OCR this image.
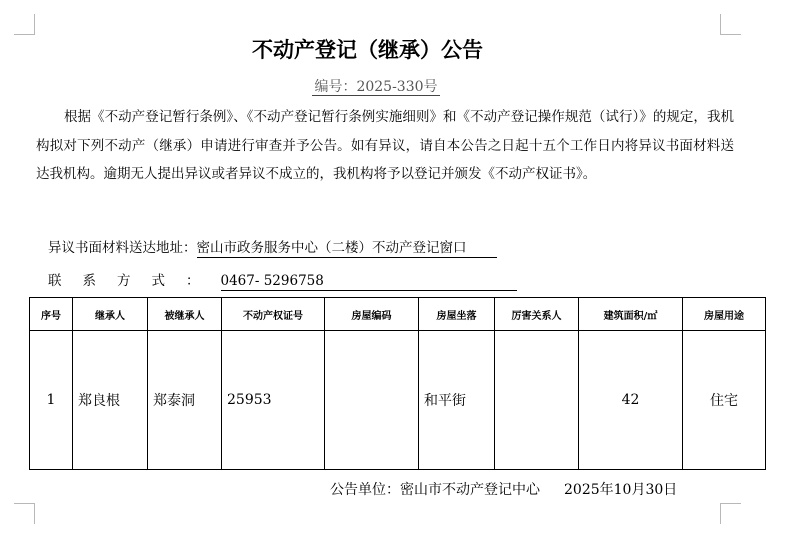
不动产登记（继承）公告
编号：2025-330号

根据《不动产登记暂行条例》、《不动产登记暂行条例实施细则》和《不动产登记操作规范（试行）》的规定，我机构拟对下列不动产（继承）申请进行审查并予公告。如有异议，请自本公告之日起十五个工作日内将异议书面材料送达我机构。逾期无人提出异议或者异议不成立的，我机构将予以登记并颁发《不动产权证书》。

异议书面材料送达地址：密山市政务服务中心（二楼）不动产登记窗口
联系方式：0467- 5296758
序号	继承人	被继承人	不动产权证号	房屋编码	房屋坐落	厉害关系人	建筑面积/㎡	房屋用途
1	郑良根	郑泰洞	25953		和平街		42	住宅
公告单位：密山市不动产登记中心 2025年10月30日
